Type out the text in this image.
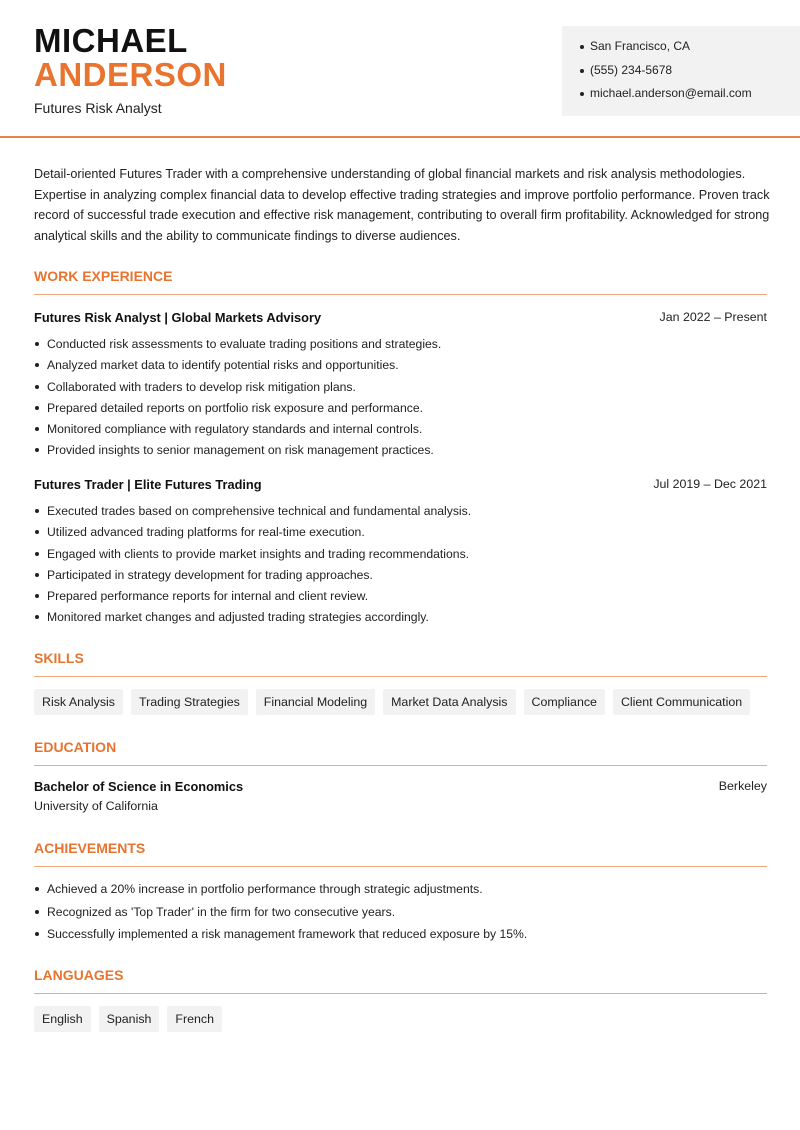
MICHAEL
ANDERSON
Futures Risk Analyst
San Francisco, CA
(555) 234-5678
michael.anderson@email.com

Detail-oriented Futures Trader with a comprehensive understanding of global financial markets and risk analysis methodologies. Expertise in analyzing complex financial data to develop effective trading strategies and improve portfolio performance. Proven track record of successful trade execution and effective risk management, contributing to overall firm profitability. Acknowledged for strong analytical skills and the ability to communicate findings to diverse audiences.

WORK EXPERIENCE
Futures Risk Analyst | Global Markets Advisory	Jan 2022 – Present
Conducted risk assessments to evaluate trading positions and strategies.
Analyzed market data to identify potential risks and opportunities.
Collaborated with traders to develop risk mitigation plans.
Prepared detailed reports on portfolio risk exposure and performance.
Monitored compliance with regulatory standards and internal controls.
Provided insights to senior management on risk management practices.
Futures Trader | Elite Futures Trading	Jul 2019 – Dec 2021
Executed trades based on comprehensive technical and fundamental analysis.
Utilized advanced trading platforms for real-time execution.
Engaged with clients to provide market insights and trading recommendations.
Participated in strategy development for trading approaches.
Prepared performance reports for internal and client review.
Monitored market changes and adjusted trading strategies accordingly.
SKILLS
Risk Analysis	Trading Strategies	Financial Modeling	Market Data Analysis	Compliance	Client Communication
EDUCATION
Bachelor of Science in Economics	Berkeley
University of California
ACHIEVEMENTS
Achieved a 20% increase in portfolio performance through strategic adjustments.
Recognized as 'Top Trader' in the firm for two consecutive years.
Successfully implemented a risk management framework that reduced exposure by 15%.
LANGUAGES
English	Spanish	French
